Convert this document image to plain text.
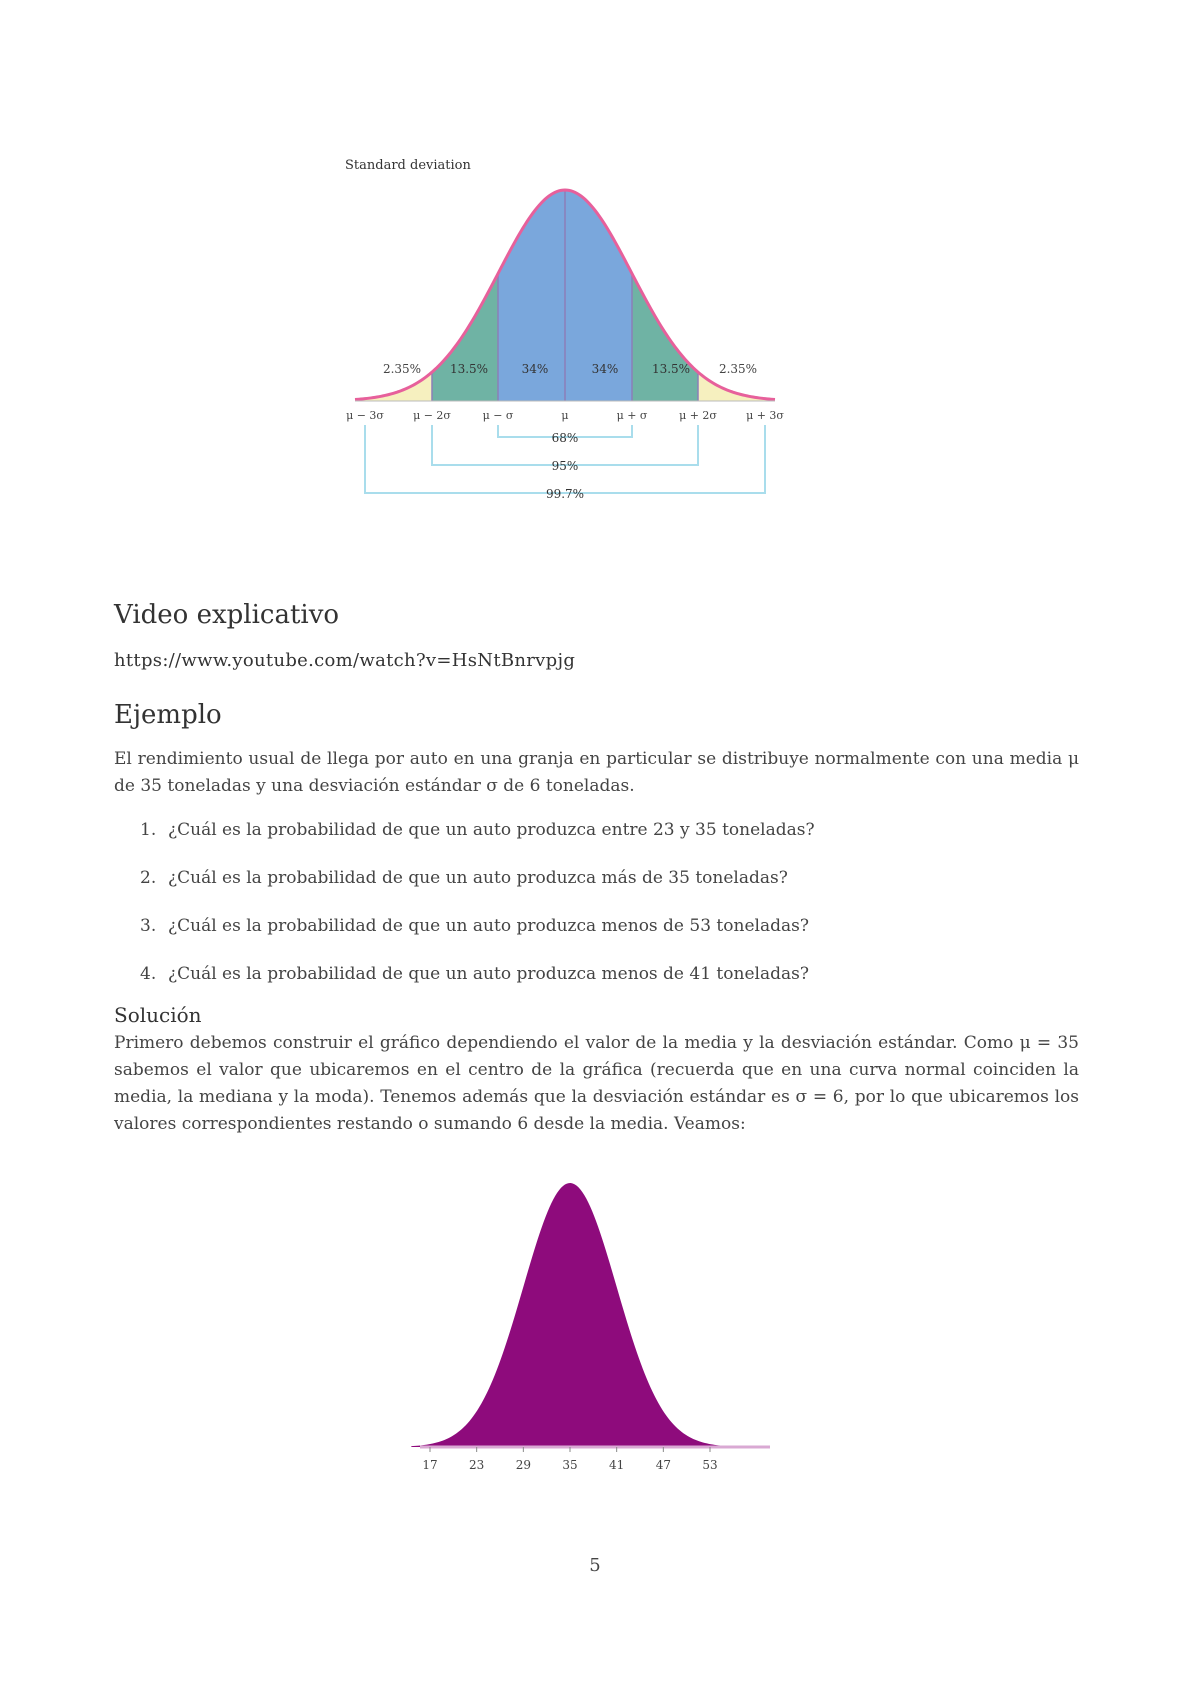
Standard deviation
2.35% 13.5%	34%	34%	13.5% 2.35%
μ − 3σ	μ − 2σ	μ − σ	μ	μ + σ	μ + 2σ	μ + 3σ
68%
95%
99.7%
Video explicativo
https://www.youtube.com/watch?v=HsNtBnrvpjg
Ejemplo
El rendimiento usual de llega por auto en una granja en particular se distribuye normalmente con una media μ de 35 toneladas y una desviación estándar σ de 6 toneladas.
1. ¿Cuál es la probabilidad de que un auto produzca entre 23 y 35 toneladas?
2. ¿Cuál es la probabilidad de que un auto produzca más de 35 toneladas?
3. ¿Cuál es la probabilidad de que un auto produzca menos de 53 toneladas?
4. ¿Cuál es la probabilidad de que un auto produzca menos de 41 toneladas?
Solución
Primero debemos construir el gráfico dependiendo el valor de la media y la desviación estándar. Como μ = 35 sabemos el valor que ubicaremos en el centro de la gráfica (recuerda que en una curva normal coinciden la media, la mediana y la moda). Tenemos además que la desviación estándar es σ = 6, por lo que ubicaremos los valores correspondientes restando o sumando 6 desde la media. Veamos:
17	23	29	35	41	47	53
5
